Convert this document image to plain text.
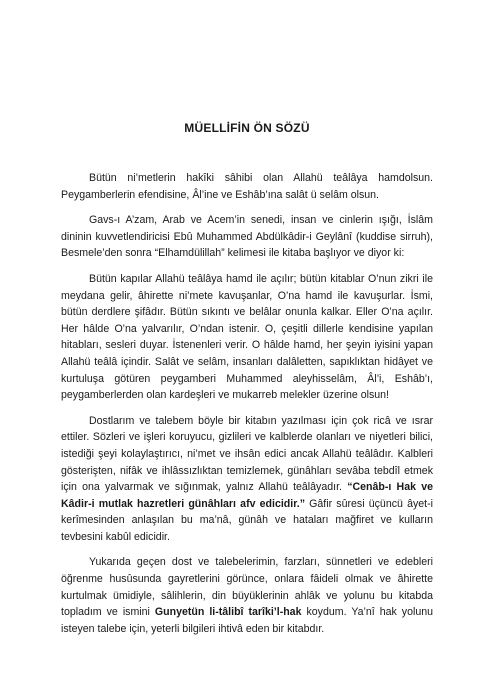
MÜELLİFİN ÖN SÖZÜ

Bütün ni’metlerin hakîki sâhibi olan Allahü teâlâya hamdolsun. Peygamberlerin efendisine, Âl’ine ve Eshâb’ına salât ü selâm olsun.

Gavs-ı A’zam, Arab ve Acem’in senedi, insan ve cinlerin ışığı, İslâm dininin kuvvetlendiricisi Ebû Muhammed Abdülkâdir-i Geylânî (kuddise sirruh), Besmele’den sonra “Elhamdülillah” kelimesi ile kitaba başlıyor ve diyor ki:

Bütün kapılar Allahü teâlâya hamd ile açılır; bütün kitablar O’nun zikri ile meydana gelir, âhirette ni’mete kavuşanlar, O’na hamd ile kavuşurlar. İsmi, bütün derdlere şifâdır. Bütün sıkıntı ve belâlar onunla kalkar. Eller O’na açılır. Her hâlde O’na yalvarılır, O’ndan istenir. O, çeşitli dillerle kendisine yapılan hitabları, sesleri duyar. İstenenleri verir. O hâlde hamd, her şeyin iyisini yapan Allahü teâlâ içindir. Salât ve selâm, insanları dalâletten, sapıklıktan hidâyet ve kurtuluşa götüren peygamberi Muhammed aleyhisselâm, Âl’i, Eshâb’ı, peygamberlerden olan kardeşleri ve mukarreb melekler üzerine olsun!

Dostlarım ve talebem böyle bir kitabın yazılması için çok ricâ ve ısrar ettiler. Sözleri ve işleri koruyucu, gizlileri ve kalblerde olanları ve niyetleri bilici, istediği şeyi kolaylaştırıcı, ni’met ve ihsân edici ancak Allahü teâlâdır. Kalbleri gösterişten, nifâk ve ihlâssızlıktan temizlemek, günâhları sevâba tebdîl etmek için ona yalvarmak ve sığınmak, yalnız Allahü teâlâyadır. “Cenâb-ı Hak ve Kâdir-i mutlak hazretleri günâhları afv edicidir.” Gâfir sûresi üçüncü âyet-i kerîmesinden anlaşılan bu ma’nâ, günâh ve hataları mağfiret ve kulların tevbesini kabûl edicidir.

Yukarıda geçen dost ve talebelerimin, farzları, sünnetleri ve edebleri öğrenme husûsunda gayretlerini görünce, onlara fâideli olmak ve âhirette kurtulmak ümidiyle, sâlihlerin, din büyüklerinin ahlâk ve yolunu bu kitabda topladım ve ismini Gunyetün li-tâlibî tarîki’l-hak koydum. Ya’nî hak yolunu isteyen talebe için, yeterli bilgileri ihtivâ eden bir kitabdır.
